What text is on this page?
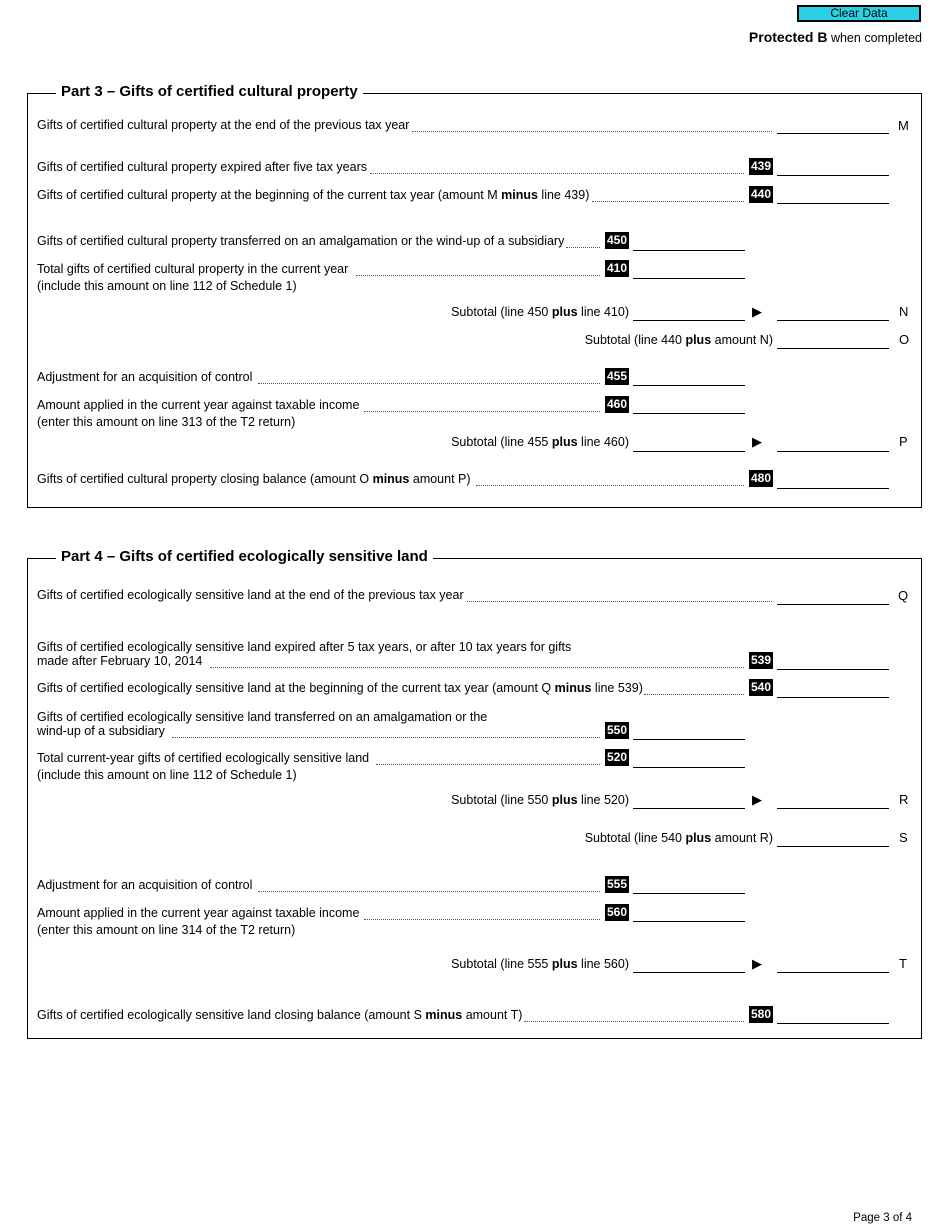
Clear Data
Protected B when completed
Part 3 – Gifts of certified cultural property
Gifts of certified cultural property at the end of the previous tax year	M
Gifts of certified cultural property expired after five tax years	439
Gifts of certified cultural property at the beginning of the current tax year (amount M minus line 439)	440
Gifts of certified cultural property transferred on an amalgamation or the wind-up of a subsidiary	450
Total gifts of certified cultural property in the current year
(include this amount on line 112 of Schedule 1)
410
Subtotal (line 450 plus line 410)	▶	N
Subtotal (line 440 plus amount N)	O
Adjustment for an acquisition of control	455
Amount applied in the current year against taxable income
(enter this amount on line 313 of the T2 return)
460
Subtotal (line 455 plus line 460)	▶	P
Gifts of certified cultural property closing balance (amount O minus amount P)	480
Part 4 – Gifts of certified ecologically sensitive land
Gifts of certified ecologically sensitive land at the end of the previous tax year	Q
Gifts of certified ecologically sensitive land expired after 5 tax years, or after 10 tax years for gifts
made after February 10, 2014	539
Gifts of certified ecologically sensitive land at the beginning of the current tax year (amount Q minus line 539)	540
Gifts of certified ecologically sensitive land transferred on an amalgamation or the
wind-up of a subsidiary	550
Total current-year gifts of certified ecologically sensitive land
(include this amount on line 112 of Schedule 1)
520
Subtotal (line 550 plus line 520)	▶	R
Subtotal (line 540 plus amount R)	S
Adjustment for an acquisition of control	555
Amount applied in the current year against taxable income
(enter this amount on line 314 of the T2 return)
560
Subtotal (line 555 plus line 560)	▶	T
Gifts of certified ecologically sensitive land closing balance (amount S minus amount T)	580
Page 3 of 4
